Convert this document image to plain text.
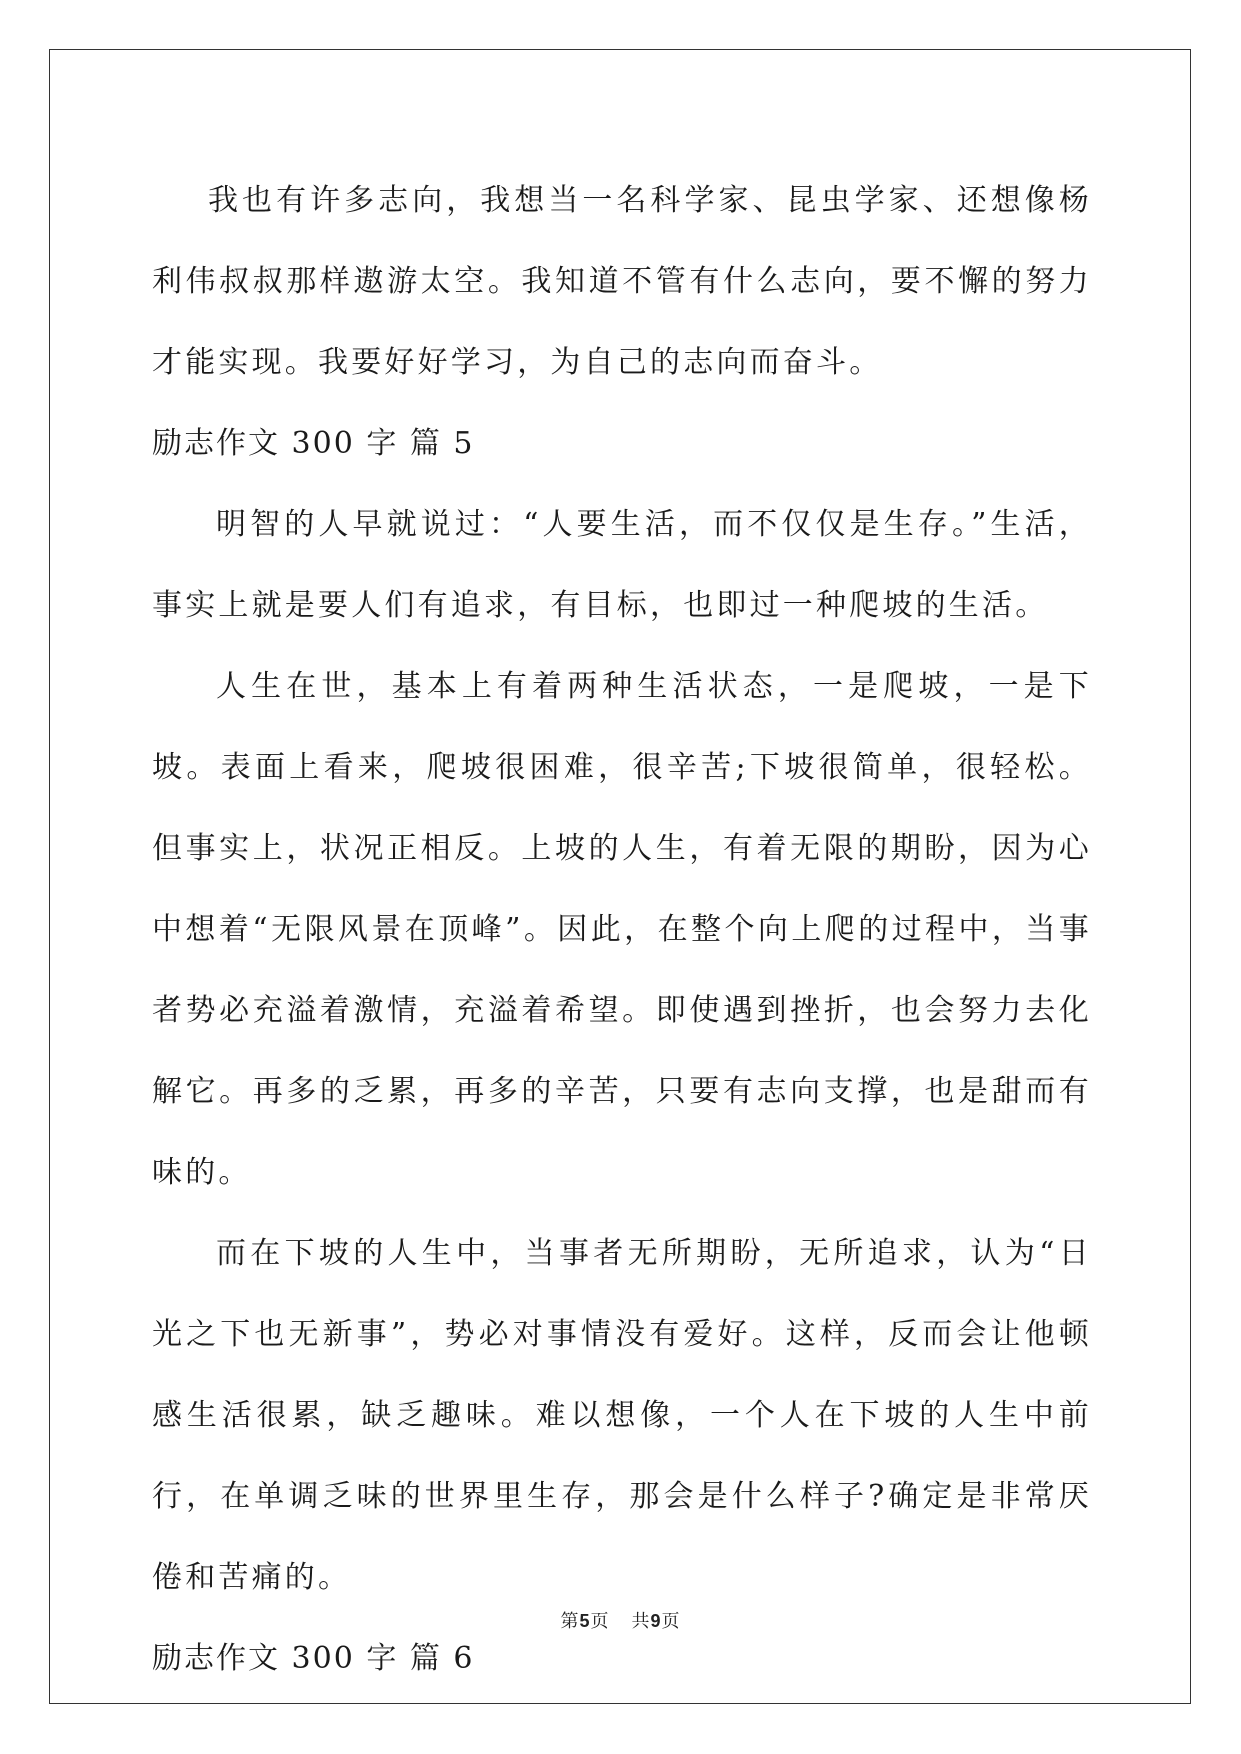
我也有许多志向，我想当一名科学家、昆虫学家、还想像杨利伟叔叔那样遨游太空。我知道不管有什么志向，要不懈的努力才能实现。我要好好学习，为自己的志向而奋斗。

励志作文 300 字 篇 5

明智的人早就说过：“人要生活，而不仅仅是生存。”生活，事实上就是要人们有追求，有目标，也即过一种爬坡的生活。

人生在世，基本上有着两种生活状态，一是爬坡，一是下坡。表面上看来，爬坡很困难，很辛苦;下坡很简单，很轻松。但事实上，状况正相反。上坡的人生，有着无限的期盼，因为心中想着“无限风景在顶峰”。因此，在整个向上爬的过程中，当事者势必充溢着激情，充溢着希望。即使遇到挫折，也会努力去化解它。再多的乏累，再多的辛苦，只要有志向支撑，也是甜而有味的。

而在下坡的人生中，当事者无所期盼，无所追求，认为“日光之下也无新事”，势必对事情没有爱好。这样，反而会让他顿感生活很累，缺乏趣味。难以想像，一个人在下坡的人生中前行，在单调乏味的世界里生存，那会是什么样子?确定是非常厌倦和苦痛的。

励志作文 300 字 篇 6
第5页 共9页
